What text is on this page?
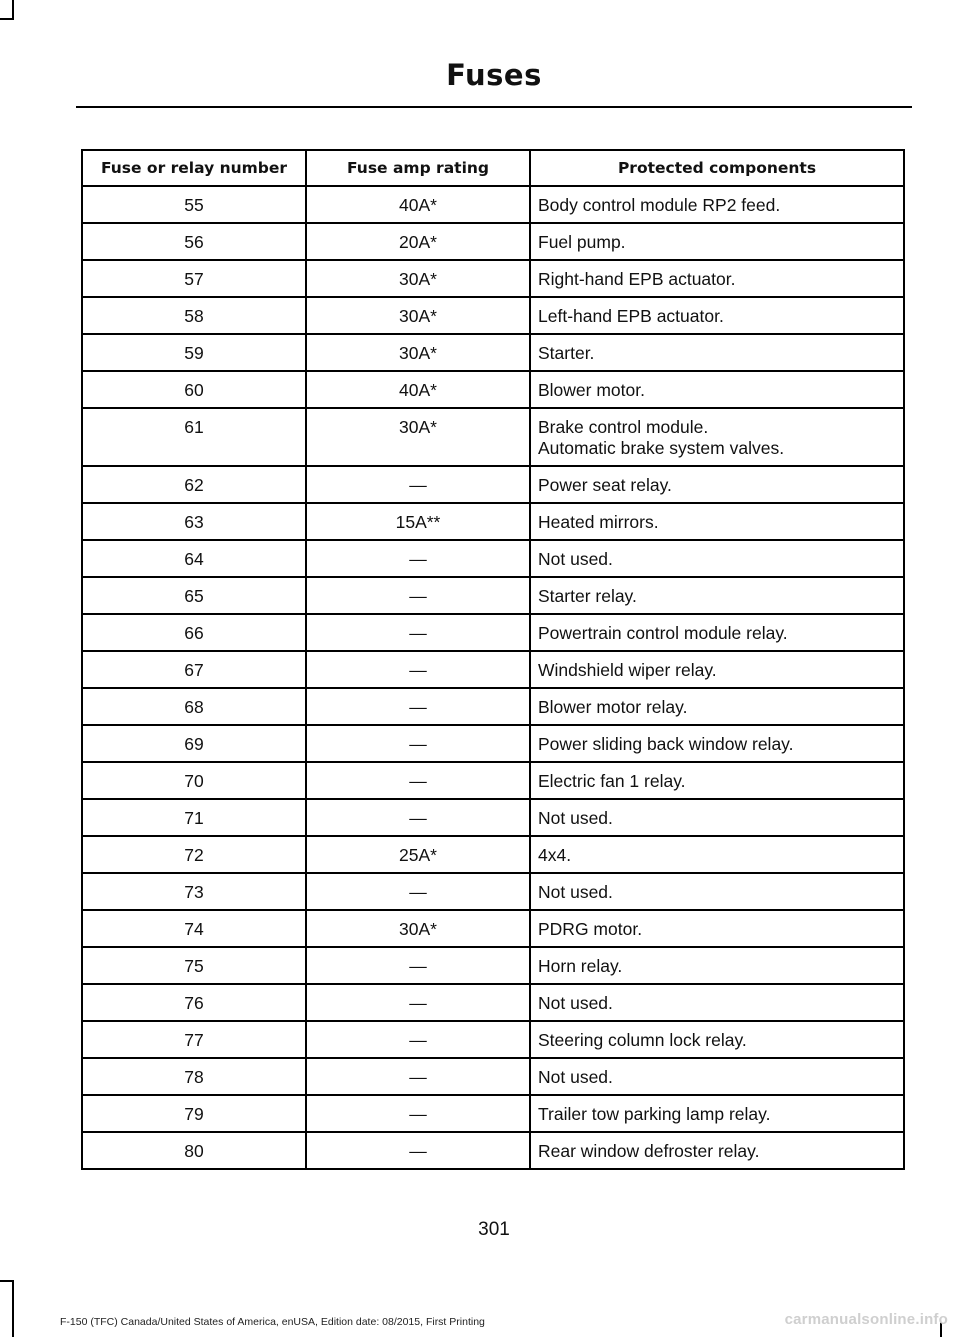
Fuses
Fuse or relay number	Fuse amp rating	Protected components
55	40A*	Body control module RP2 feed.

56	20A*	Fuel pump.

57	30A*	Right-hand EPB actuator.

58	30A*	Left-hand EPB actuator.

59	30A*	Starter.

60	40A*	Blower motor.

61	30A*	Brake control module.
Automatic brake system valves.

62	—	Power seat relay.

63	15A**	Heated mirrors.

64	—	Not used.

65	—	Starter relay.

66	—	Powertrain control module relay.

67	—	Windshield wiper relay.

68	—	Blower motor relay.

69	—	Power sliding back window relay.

70	—	Electric fan 1 relay.

71	—	Not used.

72	25A*	4x4.

73	—	Not used.

74	30A*	PDRG motor.

75	—	Horn relay.

76	—	Not used.

77	—	Steering column lock relay.

78	—	Not used.

79	—	Trailer tow parking lamp relay.

80	—	Rear window defroster relay.
301
F-150 (TFC) Canada/United States of America, enUSA, Edition date: 08/2015, First Printing	carmanualsonline.info
